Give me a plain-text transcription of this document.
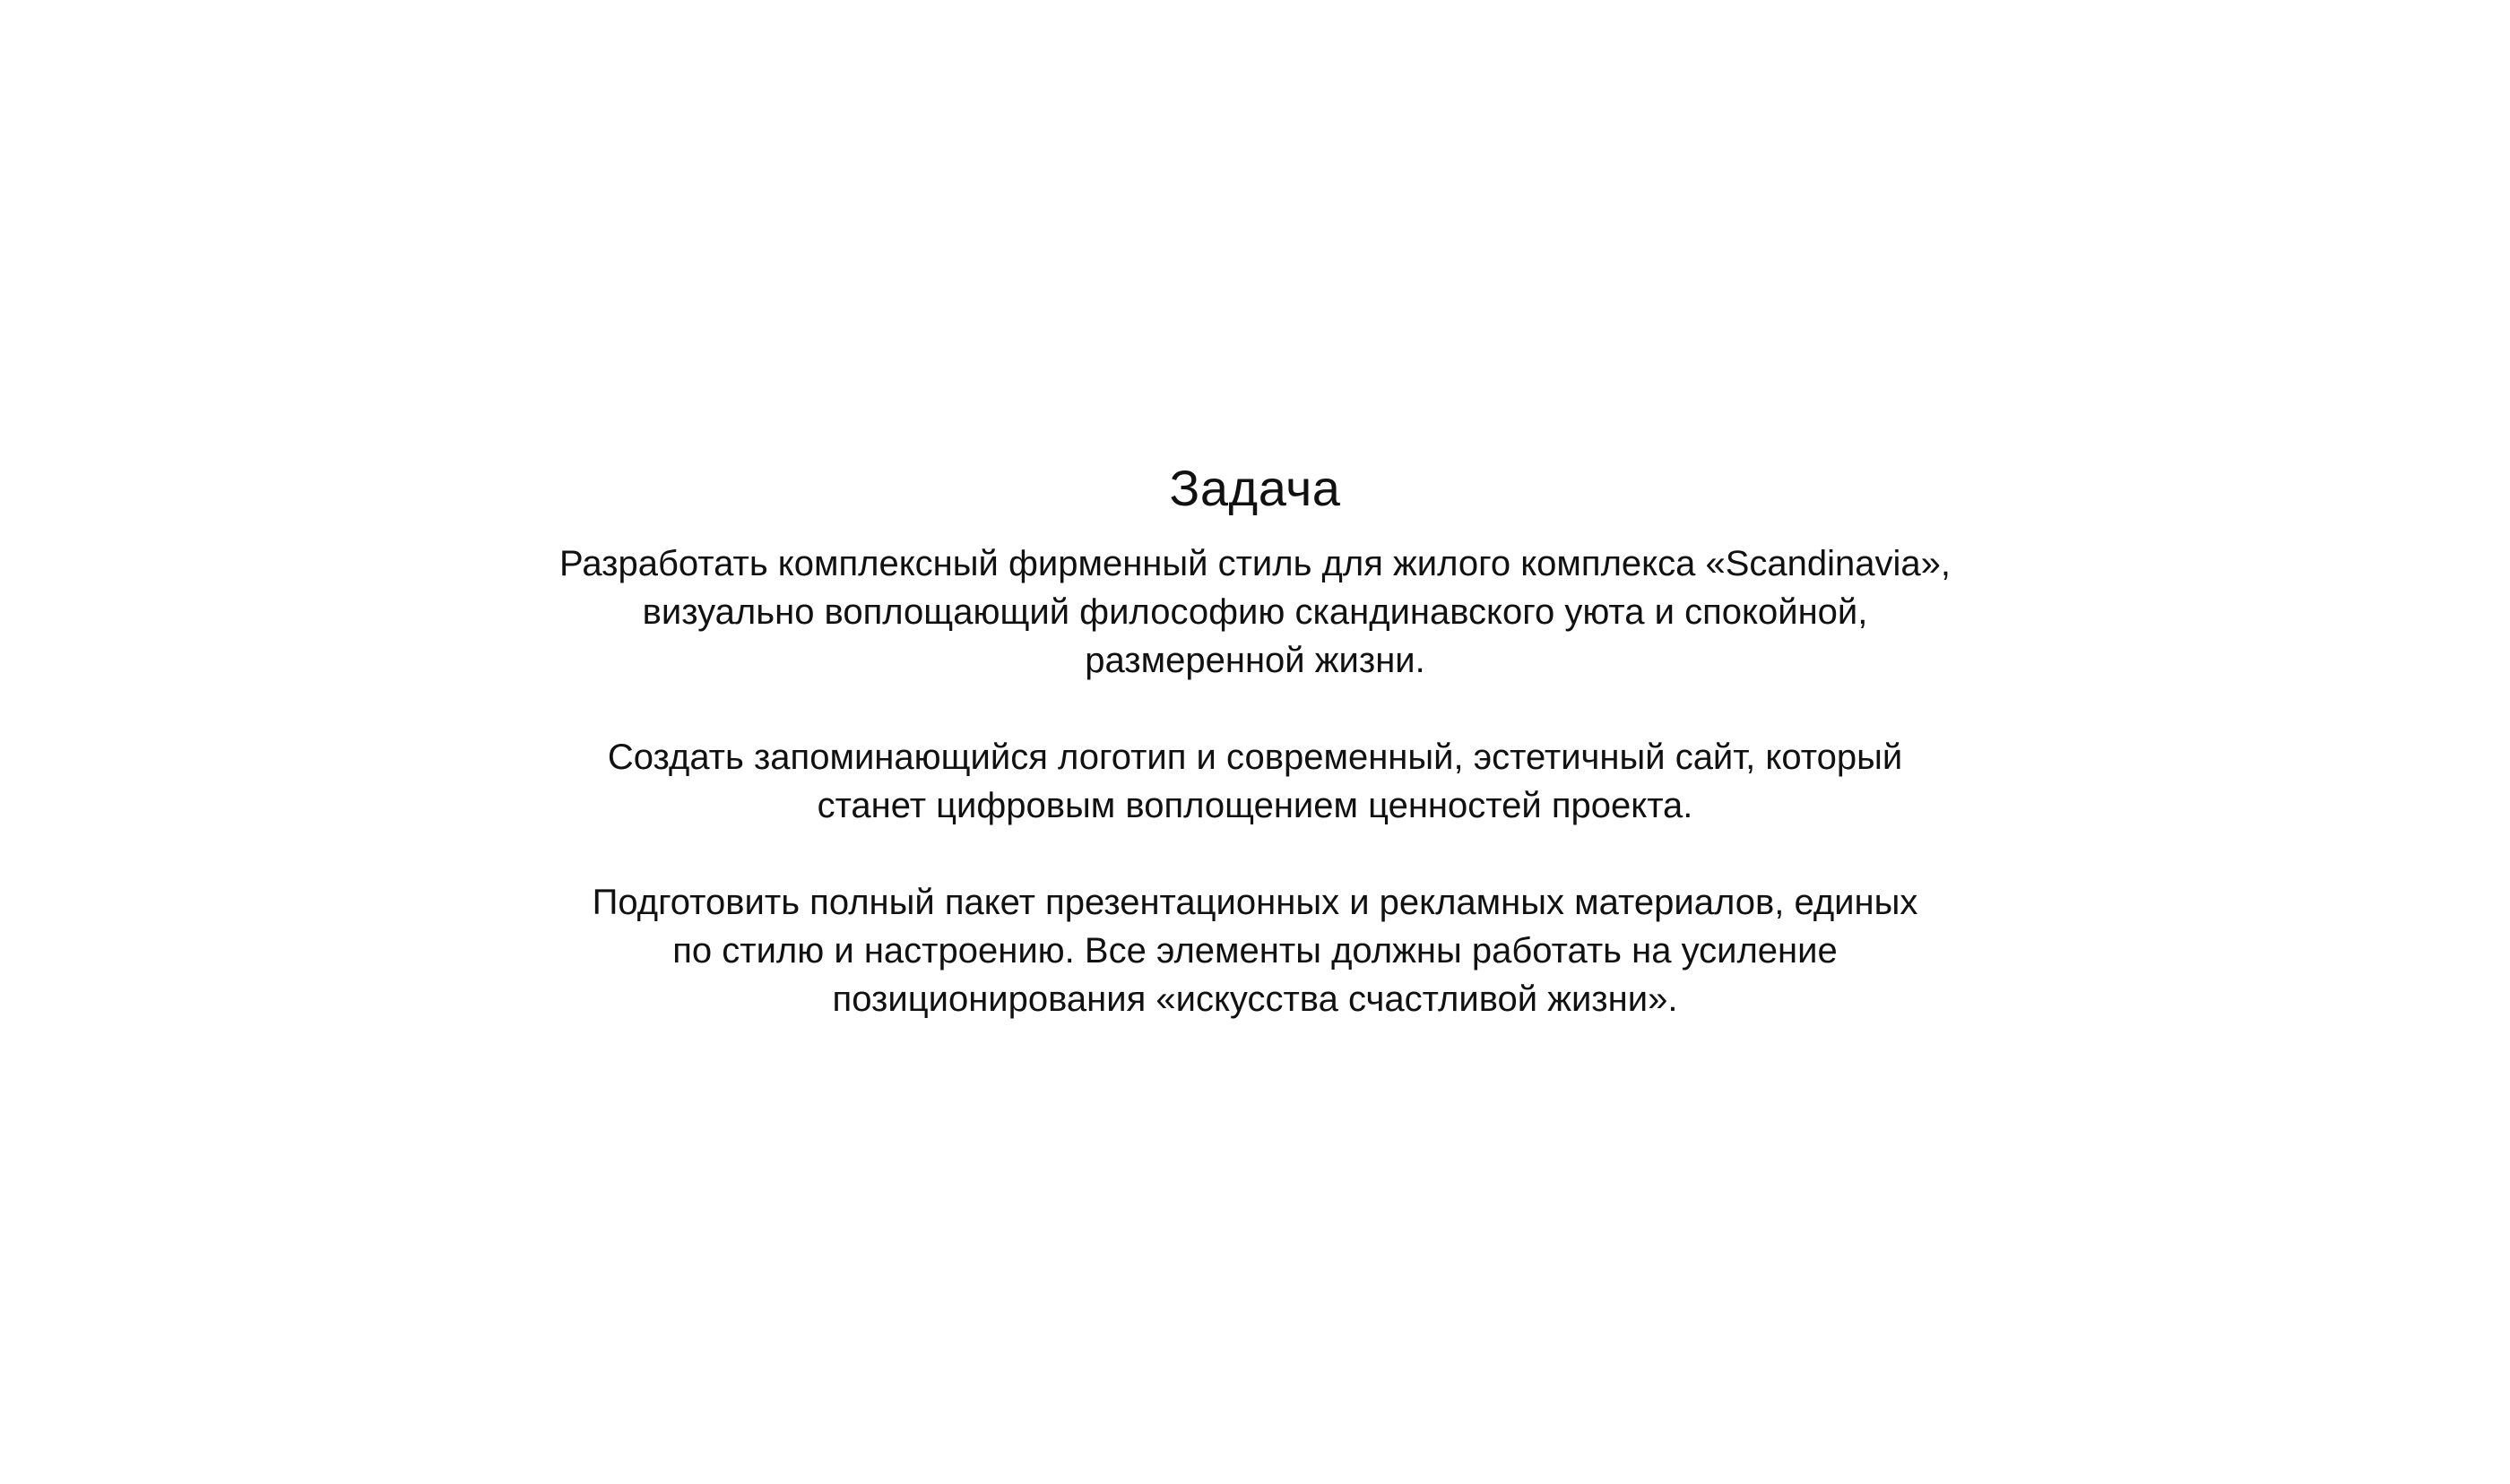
Задача

Разработать комплексный фирменный стиль для жилого комплекса «Scandinavia»,
визуально воплощающий философию скандинавского уюта и спокойной,
размеренной жизни.

Создать запоминающийся логотип и современный, эстетичный сайт, который
станет цифровым воплощением ценностей проекта.

Подготовить полный пакет презентационных и рекламных материалов, единых
по стилю и настроению. Все элементы должны работать на усиление
позиционирования «искусства счастливой жизни».
